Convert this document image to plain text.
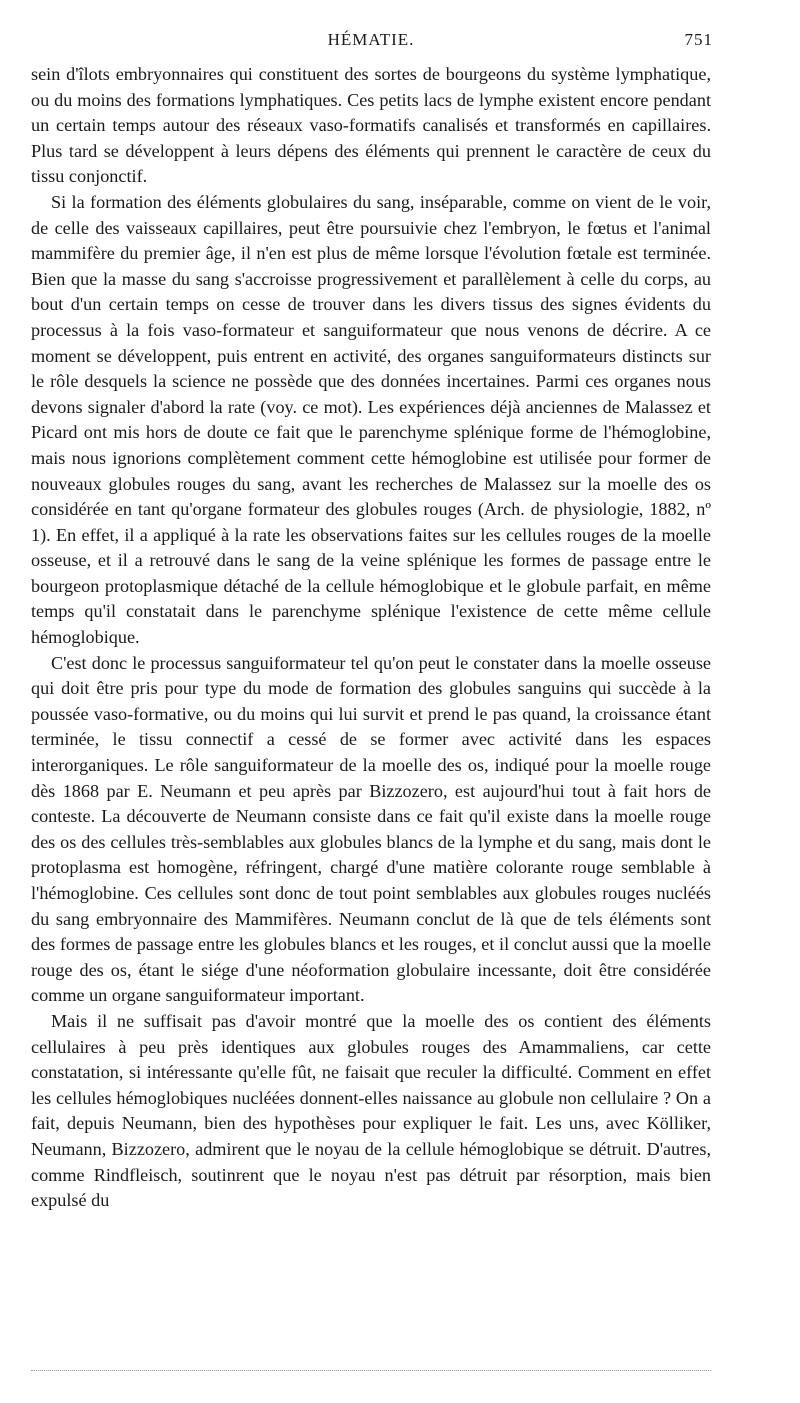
HÉMATIE.	751

sein d'îlots embryonnaires qui constituent des sortes de bourgeons du système lymphatique, ou du moins des formations lymphatiques. Ces petits lacs de lymphe existent encore pendant un certain temps autour des réseaux vaso-formatifs canalisés et transformés en capillaires. Plus tard se développent à leurs dépens des éléments qui prennent le caractère de ceux du tissu conjonctif.

Si la formation des éléments globulaires du sang, inséparable, comme on vient de le voir, de celle des vaisseaux capillaires, peut être poursuivie chez l'embryon, le fœtus et l'animal mammifère du premier âge, il n'en est plus de même lorsque l'évolution fœtale est terminée. Bien que la masse du sang s'accroisse progressivement et parallèlement à celle du corps, au bout d'un certain temps on cesse de trouver dans les divers tissus des signes évidents du processus à la fois vaso-formateur et sanguiformateur que nous venons de décrire. A ce moment se développent, puis entrent en activité, des organes sanguiformateurs distincts sur le rôle desquels la science ne possède que des données incertaines. Parmi ces organes nous devons signaler d'abord la rate (voy. ce mot). Les expériences déjà anciennes de Malassez et Picard ont mis hors de doute ce fait que le parenchyme splénique forme de l'hémoglobine, mais nous ignorions complètement comment cette hémoglobine est utilisée pour former de nouveaux globules rouges du sang, avant les recherches de Malassez sur la moelle des os considérée en tant qu'organe formateur des globules rouges (Arch. de physiologie, 1882, nº 1). En effet, il a appliqué à la rate les observations faites sur les cellules rouges de la moelle osseuse, et il a retrouvé dans le sang de la veine splénique les formes de passage entre le bourgeon protoplasmique détaché de la cellule hémoglobique et le globule parfait, en même temps qu'il constatait dans le parenchyme splénique l'existence de cette même cellule hémoglobique.

C'est donc le processus sanguiformateur tel qu'on peut le constater dans la moelle osseuse qui doit être pris pour type du mode de formation des globules sanguins qui succède à la poussée vaso-formative, ou du moins qui lui survit et prend le pas quand, la croissance étant terminée, le tissu connectif a cessé de se former avec activité dans les espaces interorganiques. Le rôle sanguiformateur de la moelle des os, indiqué pour la moelle rouge dès 1868 par E. Neumann et peu après par Bizzozero, est aujourd'hui tout à fait hors de conteste. La découverte de Neumann consiste dans ce fait qu'il existe dans la moelle rouge des os des cellules très-semblables aux globules blancs de la lymphe et du sang, mais dont le protoplasma est homogène, réfringent, chargé d'une matière colorante rouge semblable à l'hémoglobine. Ces cellules sont donc de tout point semblables aux globules rouges nucléés du sang embryonnaire des Mammifères. Neumann conclut de là que de tels éléments sont des formes de passage entre les globules blancs et les rouges, et il conclut aussi que la moelle rouge des os, étant le siége d'une néoformation globulaire incessante, doit être considérée comme un organe sanguiformateur important.

Mais il ne suffisait pas d'avoir montré que la moelle des os contient des éléments cellulaires à peu près identiques aux globules rouges des Amammaliens, car cette constatation, si intéressante qu'elle fût, ne faisait que reculer la difficulté. Comment en effet les cellules hémoglobiques nucléées donnent-elles naissance au globule non cellulaire ? On a fait, depuis Neumann, bien des hypothèses pour expliquer le fait. Les uns, avec Kölliker, Neumann, Bizzozero, admirent que le noyau de la cellule hémoglobique se détruit. D'autres, comme Rindfleisch, soutinrent que le noyau n'est pas détruit par résorption, mais bien expulsé du
